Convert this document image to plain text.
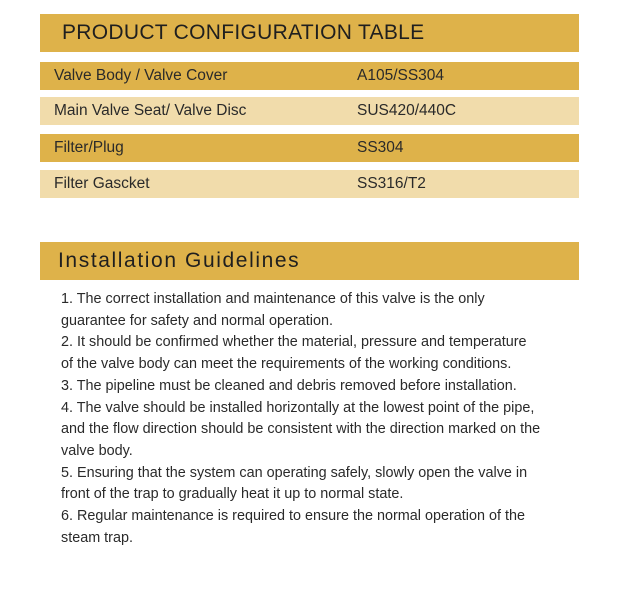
PRODUCT CONFIGURATION TABLE
Valve Body / Valve Cover	A105/SS304
Main Valve Seat/ Valve Disc	SUS420/440C
Filter/Plug	SS304
Filter Gascket	SS316/T2
Installation Guidelines
1. The correct installation and maintenance of this valve is the only guarantee for safety and normal operation.
2. It should be confirmed whether the material, pressure and temperature of the valve body can meet the requirements of the working conditions.
3. The pipeline must be cleaned and debris removed before installation.
4. The valve should be installed horizontally at the lowest point of the pipe, and the flow direction should be consistent with the direction marked on the valve body.
5. Ensuring that the system can operating safely, slowly open the valve in front of the trap to gradually heat it up to normal state.
6. Regular maintenance is required to ensure the normal operation of the steam trap.
